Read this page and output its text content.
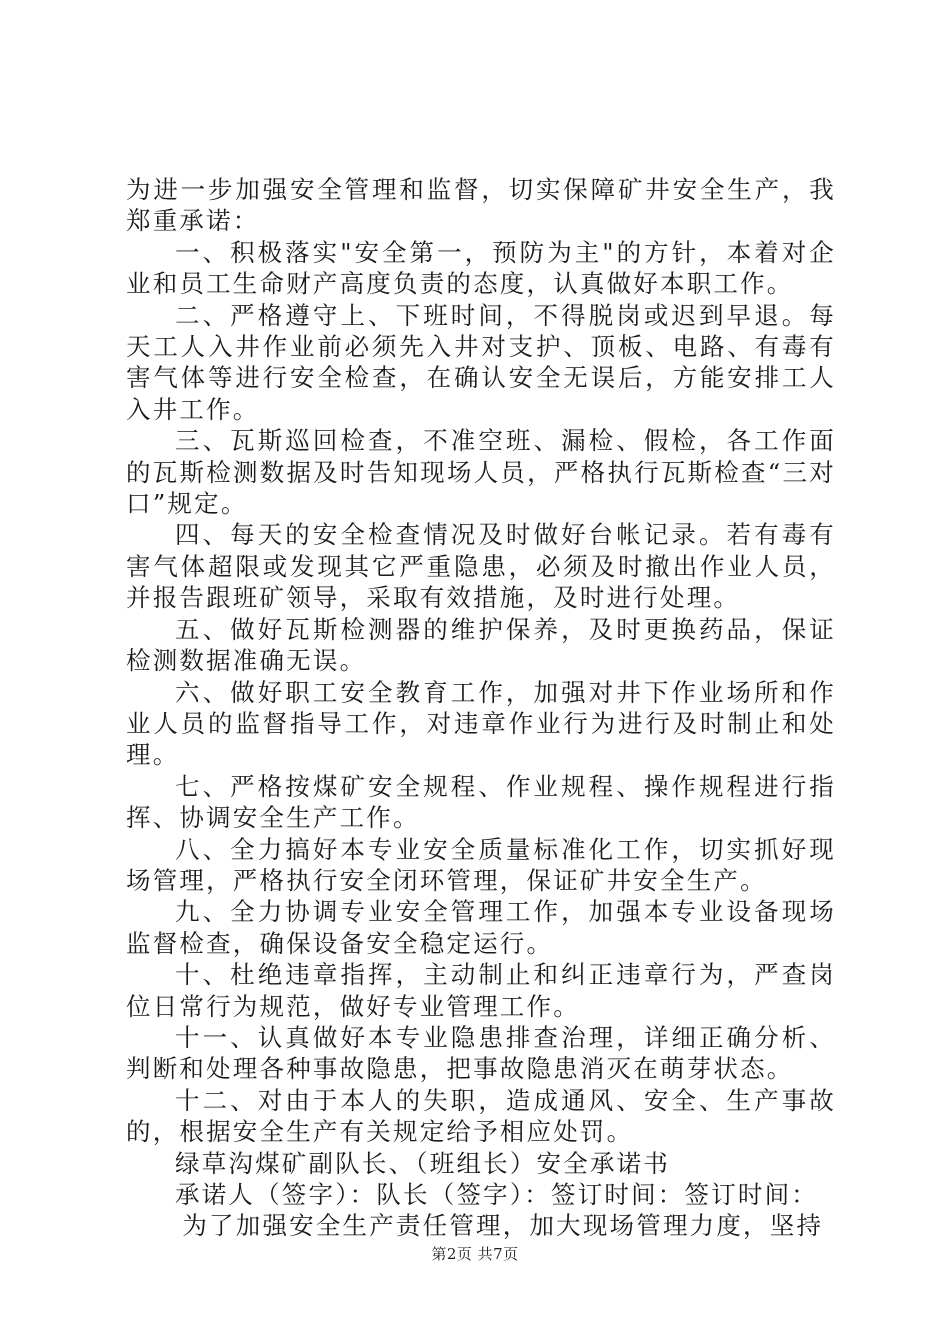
为进一步加强安全管理和监督，切实保障矿井安全生产，我郑重承诺：

一、积极落实"安全第一，预防为主"的方针，本着对企业和员工生命财产高度负责的态度，认真做好本职工作。

二、严格遵守上、下班时间，不得脱岗或迟到早退。每天工人入井作业前必须先入井对支护、顶板、电路、有毒有害气体等进行安全检查，在确认安全无误后，方能安排工人入井工作。

三、瓦斯巡回检查，不准空班、漏检、假检，各工作面的瓦斯检测数据及时告知现场人员，严格执行瓦斯检查“三对口”规定。

四、每天的安全检查情况及时做好台帐记录。若有毒有害气体超限或发现其它严重隐患，必须及时撤出作业人员，并报告跟班矿领导，采取有效措施，及时进行处理。

五、做好瓦斯检测器的维护保养，及时更换药品，保证检测数据准确无误。

六、做好职工安全教育工作，加强对井下作业场所和作业人员的监督指导工作，对违章作业行为进行及时制止和处理。

七、严格按煤矿安全规程、作业规程、操作规程进行指挥、协调安全生产工作。

八、全力搞好本专业安全质量标准化工作，切实抓好现场管理，严格执行安全闭环管理，保证矿井安全生产。

九、全力协调专业安全管理工作，加强本专业设备现场监督检查，确保设备安全稳定运行。

十、杜绝违章指挥，主动制止和纠正违章行为，严查岗位日常行为规范，做好专业管理工作。

十一、认真做好本专业隐患排查治理，详细正确分析、判断和处理各种事故隐患，把事故隐患消灭在萌芽状态。

十二、对由于本人的失职，造成通风、安全、生产事故的，根据安全生产有关规定给予相应处罚。

绿草沟煤矿副队长、（班组长）安全承诺书

承诺人（签字）：队长（签字）：签订时间：签订时间：

为了加强安全生产责任管理，加大现场管理力度，坚持

第2页 共7页
